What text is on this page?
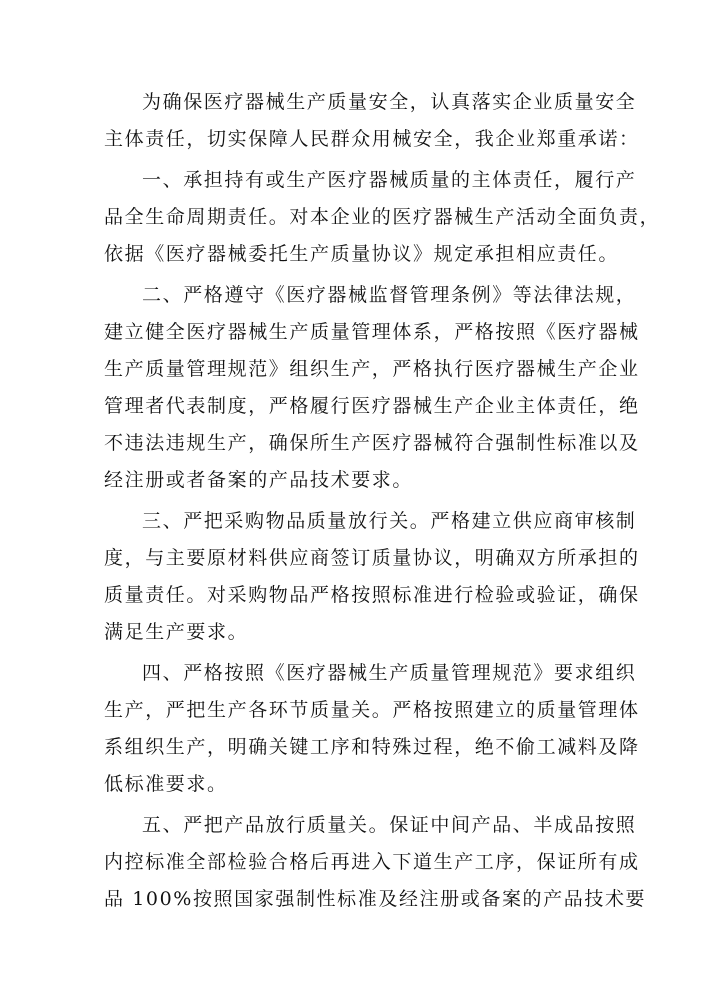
为确保医疗器械生产质量安全，认真落实企业质量安全
主体责任，切实保障人民群众用械安全，我企业郑重承诺：
一、承担持有或生产医疗器械质量的主体责任，履行产
品全生命周期责任。对本企业的医疗器械生产活动全面负责，
依据《医疗器械委托生产质量协议》规定承担相应责任。
二、严格遵守《医疗器械监督管理条例》等法律法规，
建立健全医疗器械生产质量管理体系，严格按照《医疗器械
生产质量管理规范》组织生产，严格执行医疗器械生产企业
管理者代表制度，严格履行医疗器械生产企业主体责任，绝
不违法违规生产，确保所生产医疗器械符合强制性标准以及
经注册或者备案的产品技术要求。
三、严把采购物品质量放行关。严格建立供应商审核制
度，与主要原材料供应商签订质量协议，明确双方所承担的
质量责任。对采购物品严格按照标准进行检验或验证，确保
满足生产要求。
四、严格按照《医疗器械生产质量管理规范》要求组织
生产，严把生产各环节质量关。严格按照建立的质量管理体
系组织生产，明确关键工序和特殊过程，绝不偷工减料及降
低标准要求。
五、严把产品放行质量关。保证中间产品、半成品按照
内控标准全部检验合格后再进入下道生产工序，保证所有成
品 100%按照国家强制性标准及经注册或备案的产品技术要
